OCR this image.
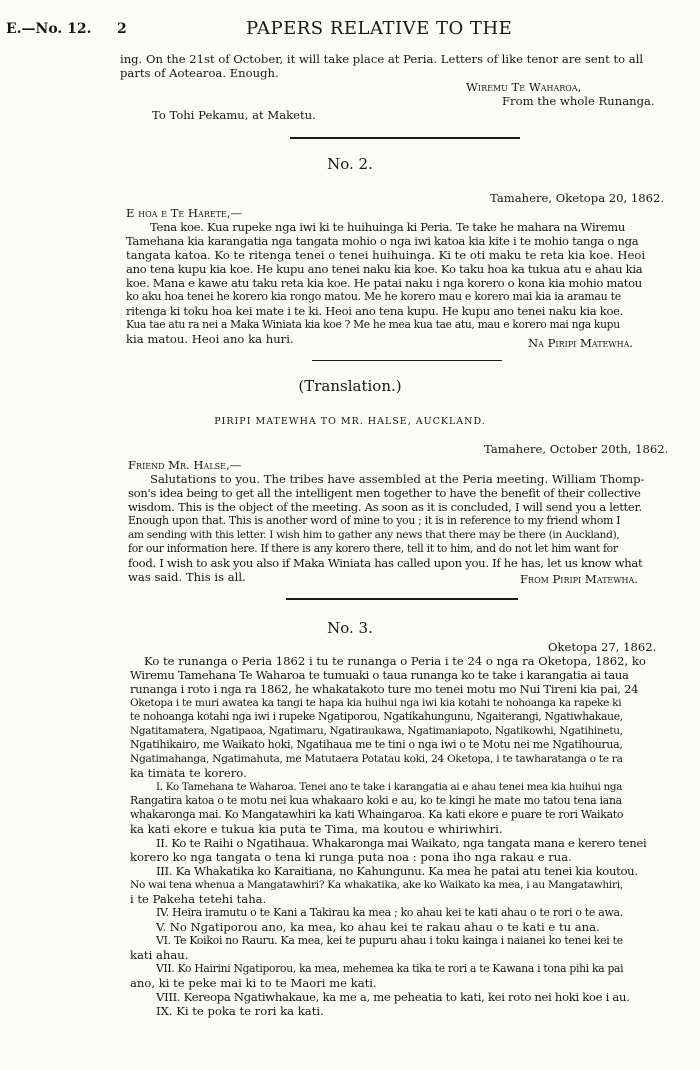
E.—No. 12. 2	PAPERS RELATIVE TO THE
ing. On the 21st of October, it will take place at Peria. Letters of like tenor are sent to all
parts of Aotearoa. Enough.
Wiremu Te Waharoa,
From the whole Runanga.
To Tohi Pekamu, at Maketu.
No. 2.
Tamahere, Oketopa 20, 1862.
E hoa e Te Harete,—
Tena koe. Kua rupeke nga iwi ki te huihuinga ki Peria. Te take he mahara na Wiremu
Tamehana kia karangatia nga tangata mohio o nga iwi katoa kia kite i te mohio tanga o nga
tangata katoa. Ko te ritenga tenei o tenei huihuinga. Ki te oti maku te reta kia koe. Heoi
ano tena kupu kia koe. He kupu ano tenei naku kia koe. Ko taku hoa ka tukua atu e ahau kia
koe. Mana e kawe atu taku reta kia koe. He patai naku i nga korero o kona kia mohio matou
ko aku hoa tenei he korero kia rongo matou. Me he korero mau e korero mai kia ia aramau te
ritenga ki toku hoa kei mate i te ki. Heoi ano tena kupu. He kupu ano tenei naku kia koe.
Kua tae atu ra nei a Maka Winiata kia koe ? Me he mea kua tae atu, mau e korero mai nga kupu
kia matou. Heoi ano ka huri.	Na Piripi Matewha.
(Translation.)
PIRIPI MATEWHA TO MR. HALSE, AUCKLAND.
Tamahere, October 20th, 1862.
Friend Mr. Halse,—
Salutations to you. The tribes have assembled at the Peria meeting. William Thomp-
son's idea being to get all the intelligent men together to have the benefit of their collective
wisdom. This is the object of the meeting. As soon as it is concluded, I will send you a letter.
Enough upon that. This is another word of mine to you ; it is in reference to my friend whom I
am sending with this letter. I wish him to gather any news that there may be there (in Auckland),
for our information here. If there is any korero there, tell it to him, and do not let him want for
food. I wish to ask you also if Maka Winiata has called upon you. If he has, let us know what
was said. This is all.	From Piripi Matewha.
No. 3.
Oketopa 27, 1862.
Ko te runanga o Peria 1862 i tu te runanga o Peria i te 24 o nga ra Oketopa, 1862, ko
Wiremu Tamehana Te Waharoa te tumuaki o taua runanga ko te take i karangatia ai taua
runanga i roto i nga ra 1862, he whakatakoto ture mo tenei motu mo Nui Tireni kia pai, 24
Oketopa i te muri awatea ka tangi te hapa kia huihui nga iwi kia kotahi te nohoanga ka rapeke ki
te nohoanga kotahi nga iwi i rupeke Ngatiporou, Ngatikahungunu, Ngaiterangi, Ngatiwhakaue,
Ngatitamatera, Ngatipaoa, Ngatimaru, Ngatiraukawa, Ngatimaniapoto, Ngatikowhi, Ngatihinetu,
Ngatihikairo, me Waikato hoki, Ngatihaua me te tini o nga iwi o te Motu nei me Ngatihourua,
Ngatimahanga, Ngatimahuta, me Matutaera Potatau koki, 24 Oketopa, i te tawharatanga o te ra
ka timata te korero.
I. Ko Tamehana te Waharoa. Tenei ano te take i karangatia ai e ahau tenei mea kia huihui nga
Rangatira katoa o te motu nei kua whakaaro koki e au, ko te kingi he mate mo tatou tena iana
whakaronga mai. Ko Mangatawhiri ka kati Whaingaroa. Ka kati ekore e puare te rori Waikato
ka kati ekore e tukua kia puta te Tima, ma koutou e whiriwhiri.
II. Ko te Raihi o Ngatihaua. Whakaronga mai Waikato, nga tangata mana e kerero tenei
korero ko nga tangata o tena ki runga puta noa : pona iho nga rakau e rua.
III. Ka Whakatika ko Karaitiana, no Kahungunu. Ka mea he patai atu tenei kia koutou.
No wai tena whenua a Mangatawhiri? Ka whakatika, ake ko Waikato ka mea, i au Mangatawhiri,
i te Pakeha tetehi taha.
IV. Heira iramutu o te Kani a Takirau ka mea ; ko ahau kei te kati ahau o te rori o te awa.
V. No Ngatiporou ano, ka mea, ko ahau kei te rakau ahau o te kati e tu ana.
VI. Te Koikoi no Rauru. Ka mea, kei te pupuru ahau i toku kainga i naianei ko tenei kei te
kati ahau.
VII. Ko Hairini Ngatiporou, ka mea, mehemea ka tika te rori a te Kawana i tona pihi ka pai
ano, ki te peke mai ki to te Maori me kati.
VIII. Kereopa Ngatiwhakaue, ka me a, me peheatia to kati, kei roto nei hoki koe i au.
IX. Ki te poka te rori ka kati.
